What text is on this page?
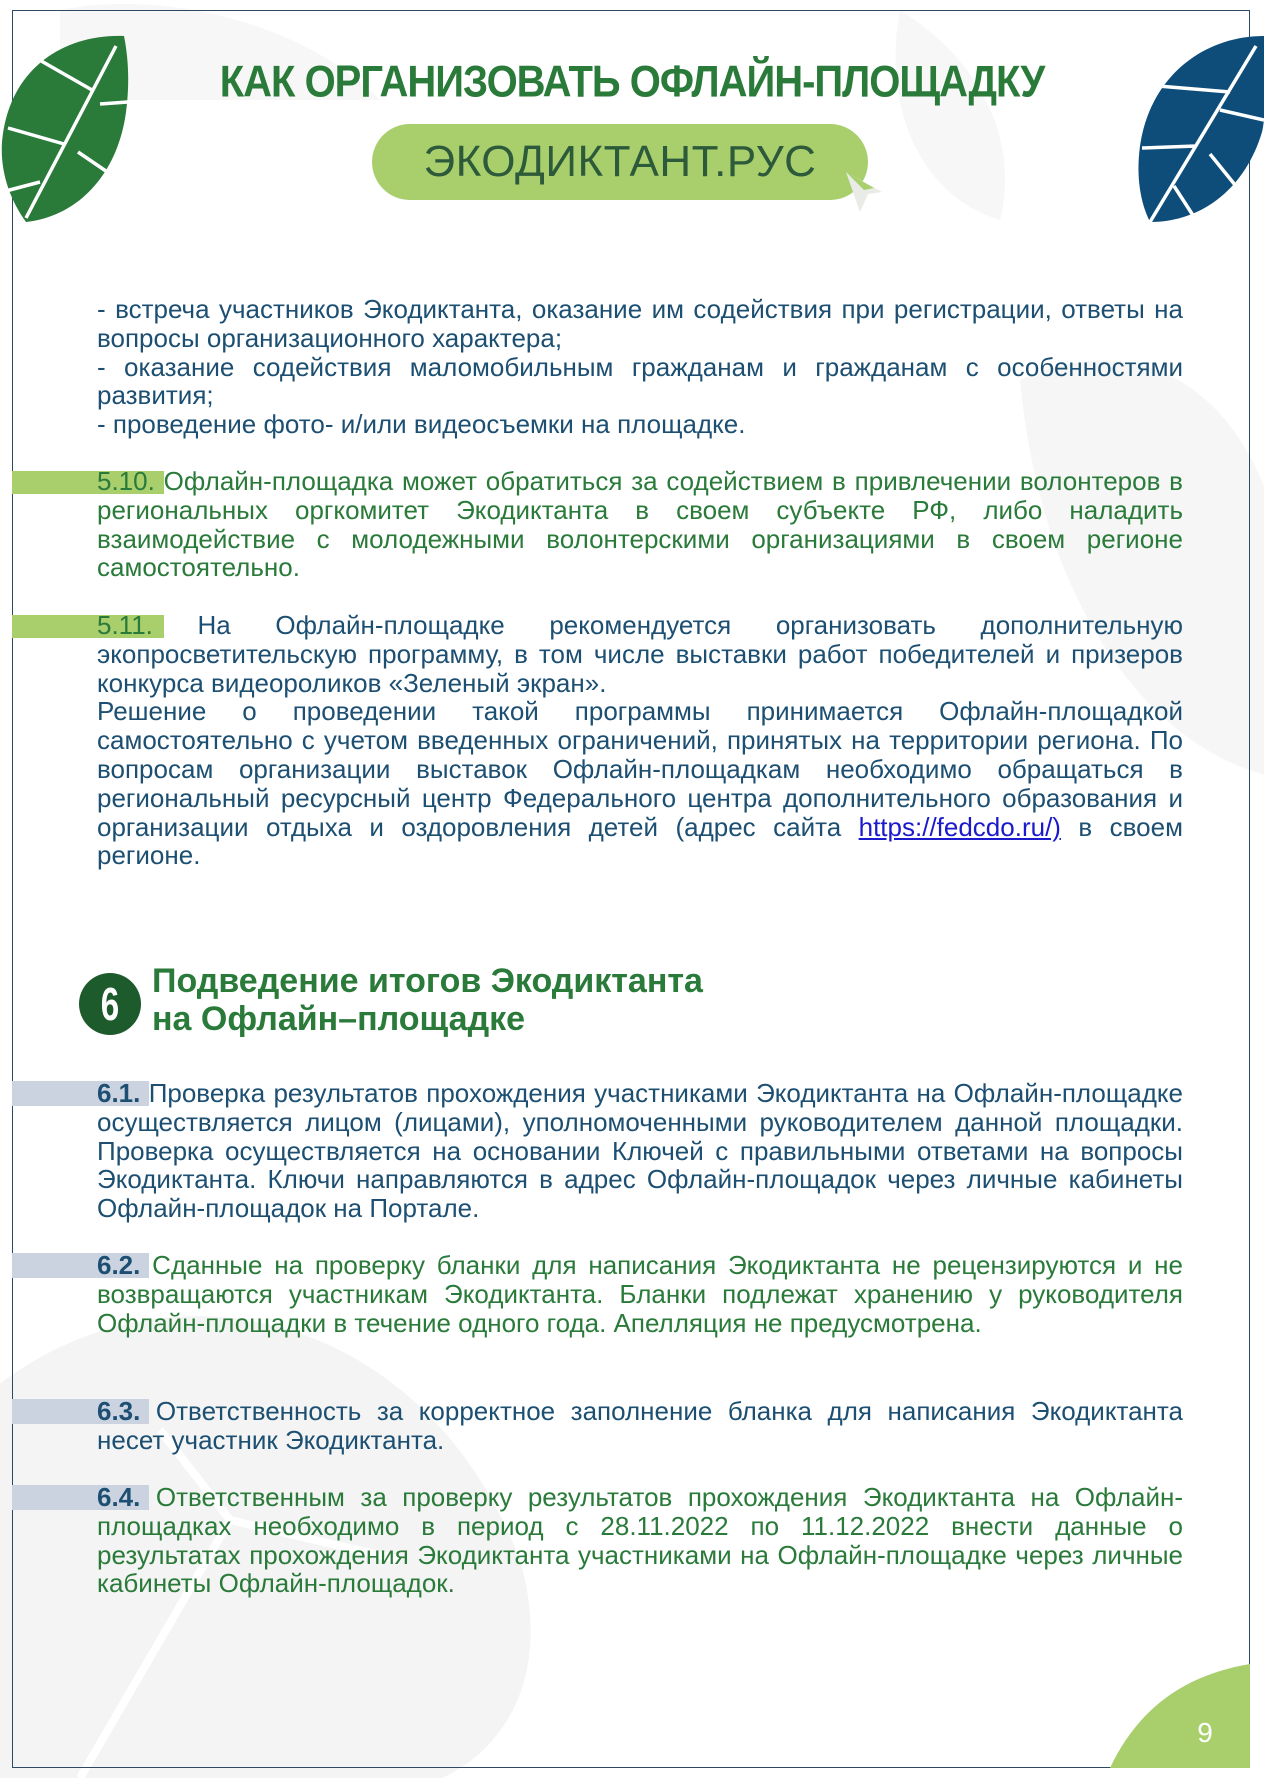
КАК ОРГАНИЗОВАТЬ ОФЛАЙН-ПЛОЩАДКУ
ЭКОДИКТАНТ.РУС

- встреча участников Экодиктанта, оказание им содействия при регистрации, ответы на вопросы организационного характера;

- оказание содействия маломобильным гражданам и гражданам с особенностями развития;

- проведение фото- и/или видеосъемки на площадке.

5.10. Офлайн-площадка может обратиться за содействием в привлечении волонтеров в региональных оргкомитет Экодиктанта в своем субъекте РФ, либо наладить взаимодействие с молодежными волонтерскими организациями в своем регионе самостоятельно.

5.11. На Офлайн-площадке рекомендуется организовать дополнительную экопросветительскую программу, в том числе выставки работ победителей и призеров конкурса видеороликов «Зеленый экран».

Решение о проведении такой программы принимается Офлайн-площадкой самостоятельно с учетом введенных ограничений, принятых на территории региона. По вопросам организации выставок Офлайн-площадкам необходимо обращаться в региональный ресурсный центр Федерального центра дополнительного образования и организации отдыха и оздоровления детей (адрес сайта https://fedcdo.ru/) в своем регионе.

6 Подведение итогов Экодиктанта
на Офлайн–площадке

6.1. Проверка результатов прохождения участниками Экодиктанта на Офлайн-площадке осуществляется лицом (лицами), уполномоченными руководителем данной площадки. Проверка осуществляется на основании Ключей с правильными ответами на вопросы Экодиктанта. Ключи направляются в адрес Офлайн-площадок через личные кабинеты Офлайн-площадок на Портале.

6.2. Сданные на проверку бланки для написания Экодиктанта не рецензируются и не возвращаются участникам Экодиктанта. Бланки подлежат хранению у руководителя Офлайн-площадки в течение одного года. Апелляция не предусмотрена.

6.3. Ответственность за корректное заполнение бланка для написания Экодиктанта несет участник Экодиктанта.

6.4. Ответственным за проверку результатов прохождения Экодиктанта на Офлайн-площадках необходимо в период с 28.11.2022 по 11.12.2022 внести данные о результатах прохождения Экодиктанта участниками на Офлайн-площадке через личные кабинеты Офлайн-площадок.

9
